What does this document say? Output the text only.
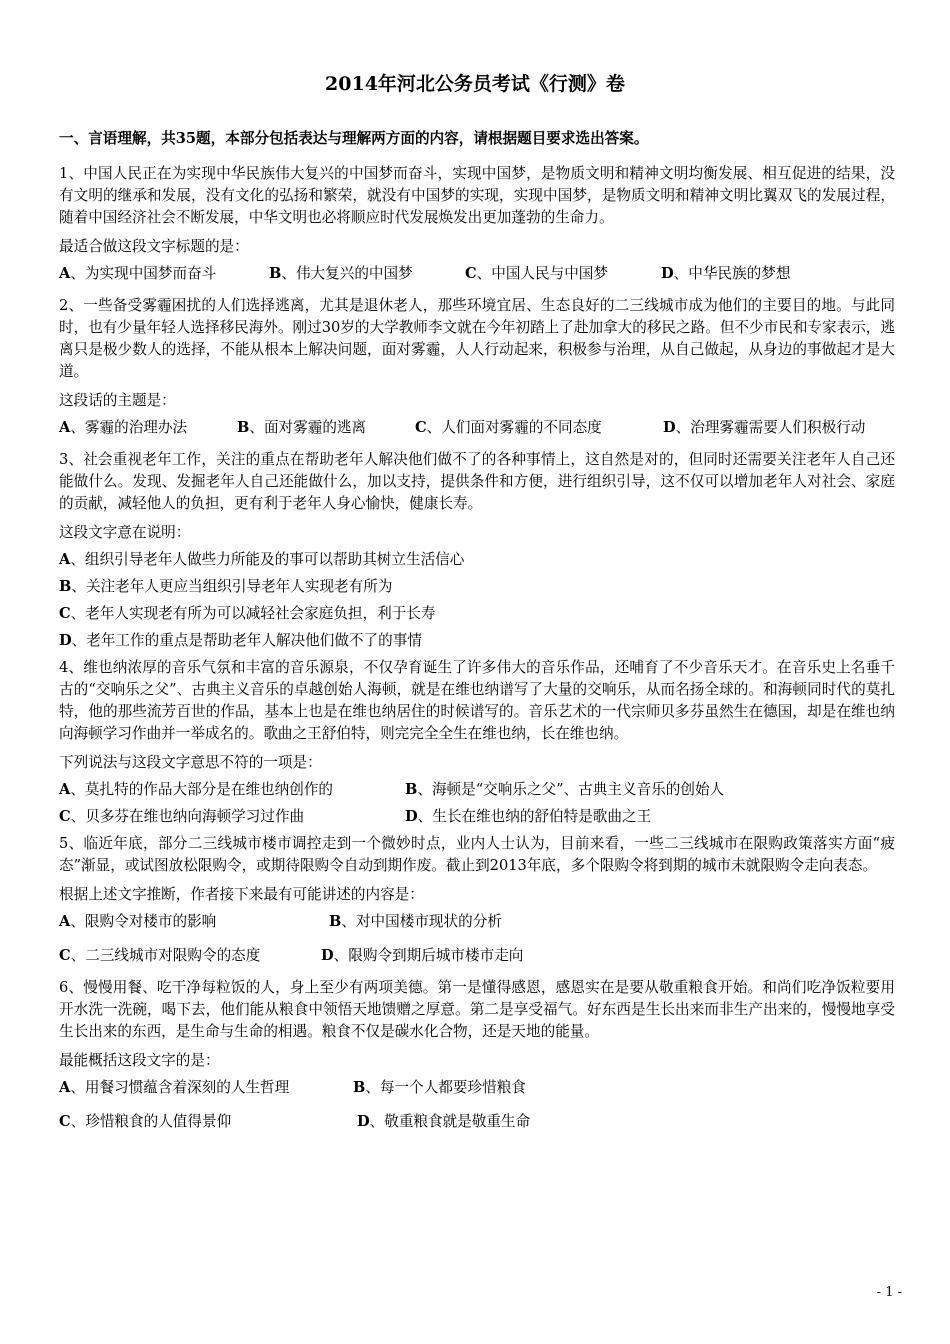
2014年河北公务员考试《行测》卷
一、言语理解，共35题，本部分包括表达与理解两方面的内容，请根据题目要求选出答案。

1、中国人民正在为实现中华民族伟大复兴的中国梦而奋斗，实现中国梦，是物质文明和精神文明均衡发展、相互促进的结果，没有文明的继承和发展，没有文化的弘扬和繁荣，就没有中国梦的实现，实现中国梦，是物质文明和精神文明比翼双飞的发展过程，随着中国经济社会不断发展，中华文明也必将顺应时代发展焕发出更加蓬勃的生命力。

最适合做这段文字标题的是：
A、为实现中国梦而奋斗	B、伟大复兴的中国梦	C、中国人民与中国梦	D、中华民族的梦想

2、一些备受雾霾困扰的人们选择逃离，尤其是退休老人，那些环境宜居、生态良好的二三线城市成为他们的主要目的地。与此同时，也有少量年轻人选择移民海外。刚过30岁的大学教师李文就在今年初踏上了赴加拿大的移民之路。但不少市民和专家表示，逃离只是极少数人的选择，不能从根本上解决问题，面对雾霾，人人行动起来，积极参与治理，从自己做起，从身边的事做起才是大道。

这段话的主题是：
A、雾霾的治理办法	B、面对雾霾的逃离	C、人们面对雾霾的不同态度	D、治理雾霾需要人们积极行动

3、社会重视老年工作，关注的重点在帮助老年人解决他们做不了的各种事情上，这自然是对的，但同时还需要关注老年人自己还能做什么。发现、发掘老年人自己还能做什么，加以支持，提供条件和方便，进行组织引导，这不仅可以增加老年人对社会、家庭的贡献，减轻他人的负担，更有利于老年人身心愉快，健康长寿。

这段文字意在说明：
A、组织引导老年人做些力所能及的事可以帮助其树立生活信心
B、关注老年人更应当组织引导老年人实现老有所为
C、老年人实现老有所为可以减轻社会家庭负担，利于长寿
D、老年工作的重点是帮助老年人解决他们做不了的事情

4、维也纳浓厚的音乐气氛和丰富的音乐源泉，不仅孕育诞生了许多伟大的音乐作品，还哺育了不少音乐天才。在音乐史上名垂千古的“交响乐之父”、古典主义音乐的卓越创始人海顿，就是在维也纳谱写了大量的交响乐，从而名扬全球的。和海顿同时代的莫扎特，他的那些流芳百世的作品，基本上也是在维也纳居住的时候谱写的。音乐艺术的一代宗师贝多芬虽然生在德国，却是在维也纳向海顿学习作曲并一举成名的。歌曲之王舒伯特，则完完全全生在维也纳，长在维也纳。

下列说法与这段文字意思不符的一项是：
A、莫扎特的作品大部分是在维也纳创作的	B、海顿是“交响乐之父”、古典主义音乐的创始人
C、贝多芬在维也纳向海顿学习过作曲	D、生长在维也纳的舒伯特是歌曲之王

5、临近年底，部分二三线城市楼市调控走到一个微妙时点，业内人士认为，目前来看，一些二三线城市在限购政策落实方面“疲态”渐显，或试图放松限购令，或期待限购令自动到期作废。截止到2013年底，多个限购令将到期的城市未就限购令走向表态。

根据上述文字推断，作者接下来最有可能讲述的内容是：
A、限购令对楼市的影响	B、对中国楼市现状的分析
C、二三线城市对限购令的态度	D、限购令到期后城市楼市走向

6、慢慢用餐、吃干净每粒饭的人，身上至少有两项美德。第一是懂得感恩，感恩实在是要从敬重粮食开始。和尚们吃净饭粒要用开水洗一洗碗，喝下去，他们能从粮食中领悟天地馈赠之厚意。第二是享受福气。好东西是生长出来而非生产出来的，慢慢地享受生长出来的东西，是生命与生命的相遇。粮食不仅是碳水化合物，还是天地的能量。

最能概括这段文字的是：
A、用餐习惯蕴含着深刻的人生哲理	B、每一个人都要珍惜粮食
C、珍惜粮食的人值得景仰	D、敬重粮食就是敬重生命
- 1 -
